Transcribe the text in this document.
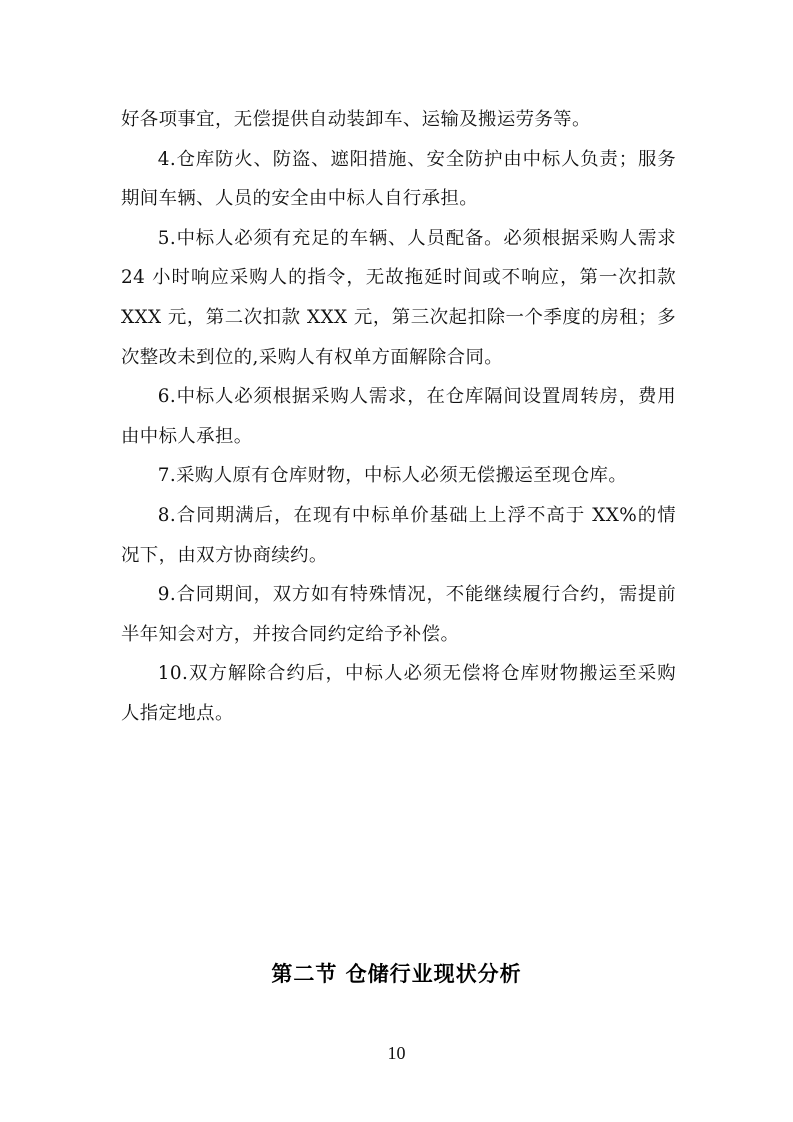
好各项事宜，无偿提供自动装卸车、运输及搬运劳务等。

4.仓库防火、防盗、遮阳措施、安全防护由中标人负责；服务期间车辆、人员的安全由中标人自行承担。

5.中标人必须有充足的车辆、人员配备。必须根据采购人需求 24 小时响应采购人的指令，无故拖延时间或不响应，第一次扣款 XXX 元，第二次扣款 XXX 元，第三次起扣除一个季度的房租；多次整改未到位的,采购人有权单方面解除合同。

6.中标人必须根据采购人需求，在仓库隔间设置周转房，费用由中标人承担。

7.采购人原有仓库财物，中标人必须无偿搬运至现仓库。

8.合同期满后，在现有中标单价基础上上浮不高于 XX%的情况下，由双方协商续约。

9.合同期间，双方如有特殊情况，不能继续履行合约，需提前半年知会对方，并按合同约定给予补偿。

10.双方解除合约后，中标人必须无偿将仓库财物搬运至采购人指定地点。

第二节 仓储行业现状分析
10
